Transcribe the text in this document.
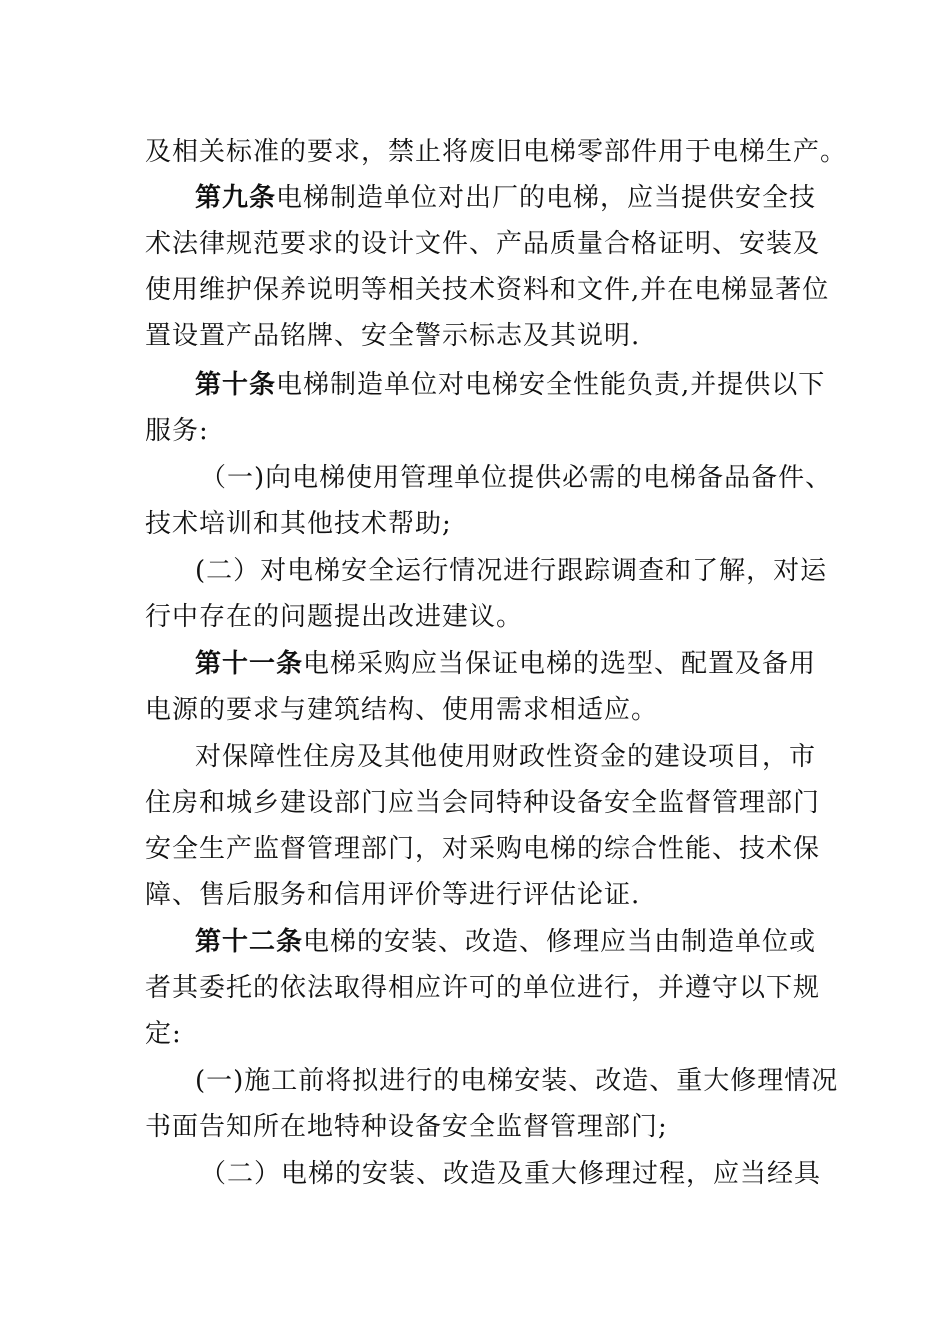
及相关标准的要求，禁止将废旧电梯零部件用于电梯生产。
第九条电梯制造单位对出厂的电梯，应当提供安全技
术法律规范要求的设计文件、产品质量合格证明、安装及
使用维护保养说明等相关技术资料和文件,并在电梯显著位
置设置产品铭牌、安全警示标志及其说明.
第十条电梯制造单位对电梯安全性能负责,并提供以下
服务:
（一)向电梯使用管理单位提供必需的电梯备品备件、
技术培训和其他技术帮助;
(二）对电梯安全运行情况进行跟踪调查和了解，对运
行中存在的问题提出改进建议。
第十一条电梯采购应当保证电梯的选型、配置及备用
电源的要求与建筑结构、使用需求相适应。
对保障性住房及其他使用财政性资金的建设项目，市
住房和城乡建设部门应当会同特种设备安全监督管理部门
安全生产监督管理部门，对采购电梯的综合性能、技术保
障、售后服务和信用评价等进行评估论证.
第十二条电梯的安装、改造、修理应当由制造单位或
者其委托的依法取得相应许可的单位进行，并遵守以下规
定:
(一)施工前将拟进行的电梯安装、改造、重大修理情况
书面告知所在地特种设备安全监督管理部门;
（二）电梯的安装、改造及重大修理过程，应当经具
